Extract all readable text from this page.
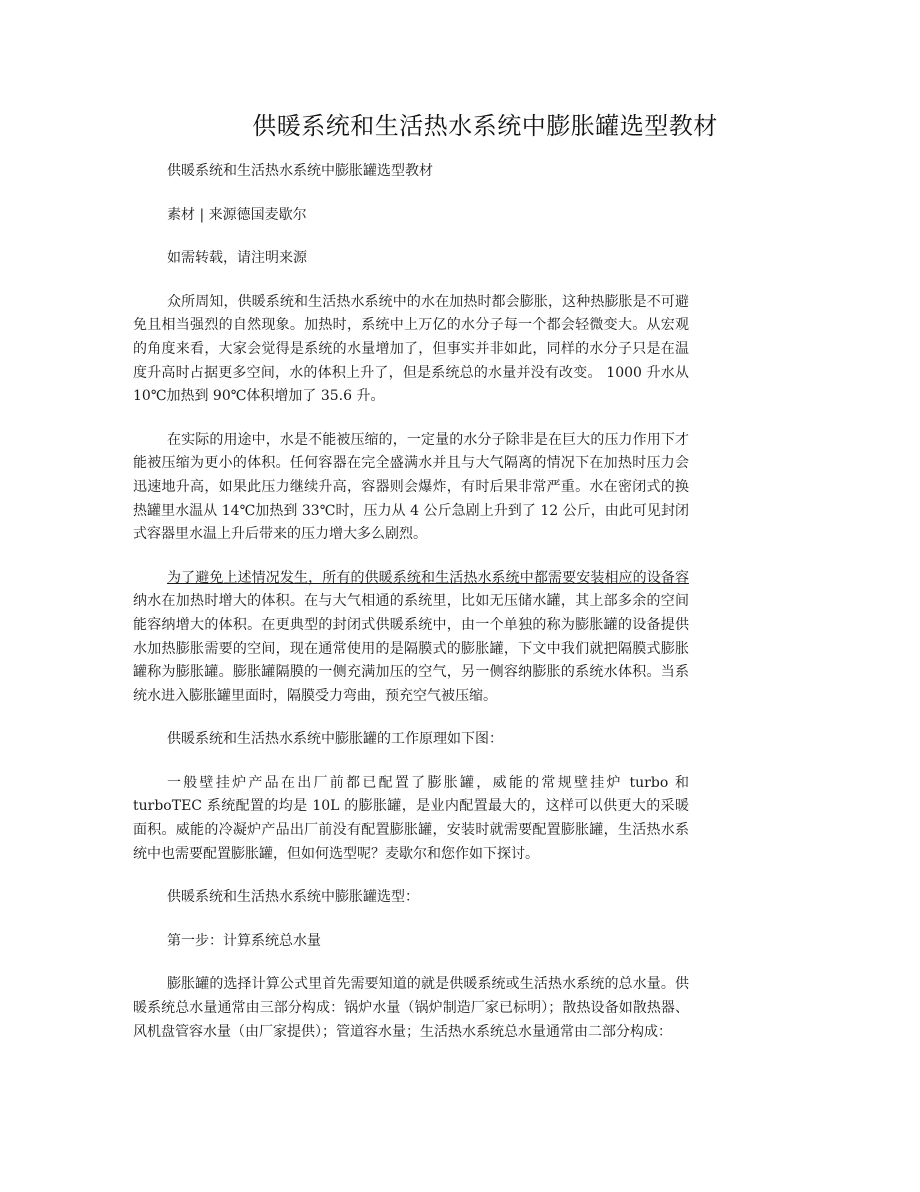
供暖系统和生活热水系统中膨胀罐选型教材

供暖系统和生活热水系统中膨胀罐选型教材

素材 | 来源德国麦歇尔

如需转载，请注明来源

众所周知，供暖系统和生活热水系统中的水在加热时都会膨胀，这种热膨胀是不可避免且相当强烈的自然现象。加热时，系统中上万亿的水分子每一个都会轻微变大。从宏观的角度来看，大家会觉得是系统的水量增加了，但事实并非如此，同样的水分子只是在温度升高时占据更多空间，水的体积上升了，但是系统总的水量并没有改变。 1000 升水从 10℃加热到 90℃体积增加了 35.6 升。

在实际的用途中，水是不能被压缩的，一定量的水分子除非是在巨大的压力作用下才能被压缩为更小的体积。任何容器在完全盛满水并且与大气隔离的情况下在加热时压力会迅速地升高，如果此压力继续升高，容器则会爆炸，有时后果非常严重。水在密闭式的换热罐里水温从 14℃加热到 33℃时，压力从 4 公斤急剧上升到了 12 公斤，由此可见封闭式容器里水温上升后带来的压力增大多么剧烈。

为了避免上述情况发生，所有的供暖系统和生活热水系统中都需要安装相应的设备容纳水在加热时增大的体积。在与大气相通的系统里，比如无压储水罐，其上部多余的空间能容纳增大的体积。在更典型的封闭式供暖系统中，由一个单独的称为膨胀罐的设备提供水加热膨胀需要的空间，现在通常使用的是隔膜式的膨胀罐，下文中我们就把隔膜式膨胀罐称为膨胀罐。膨胀罐隔膜的一侧充满加压的空气，另一侧容纳膨胀的系统水体积。当系统水进入膨胀罐里面时，隔膜受力弯曲，预充空气被压缩。

供暖系统和生活热水系统中膨胀罐的工作原理如下图：

一般壁挂炉产品在出厂前都已配置了膨胀罐，威能的常规壁挂炉 turbo 和 turboTEC 系统配置的均是 10L 的膨胀罐，是业内配置最大的，这样可以供更大的采暖面积。威能的冷凝炉产品出厂前没有配置膨胀罐，安装时就需要配置膨胀罐，生活热水系统中也需要配置膨胀罐，但如何选型呢？麦歇尔和您作如下探讨。

供暖系统和生活热水系统中膨胀罐选型：

第一步：计算系统总水量

膨胀罐的选择计算公式里首先需要知道的就是供暖系统或生活热水系统的总水量。供暖系统总水量通常由三部分构成：锅炉水量（锅炉制造厂家已标明）；散热设备如散热器、风机盘管容水量（由厂家提供）；管道容水量；生活热水系统总水量通常由二部分构成：
